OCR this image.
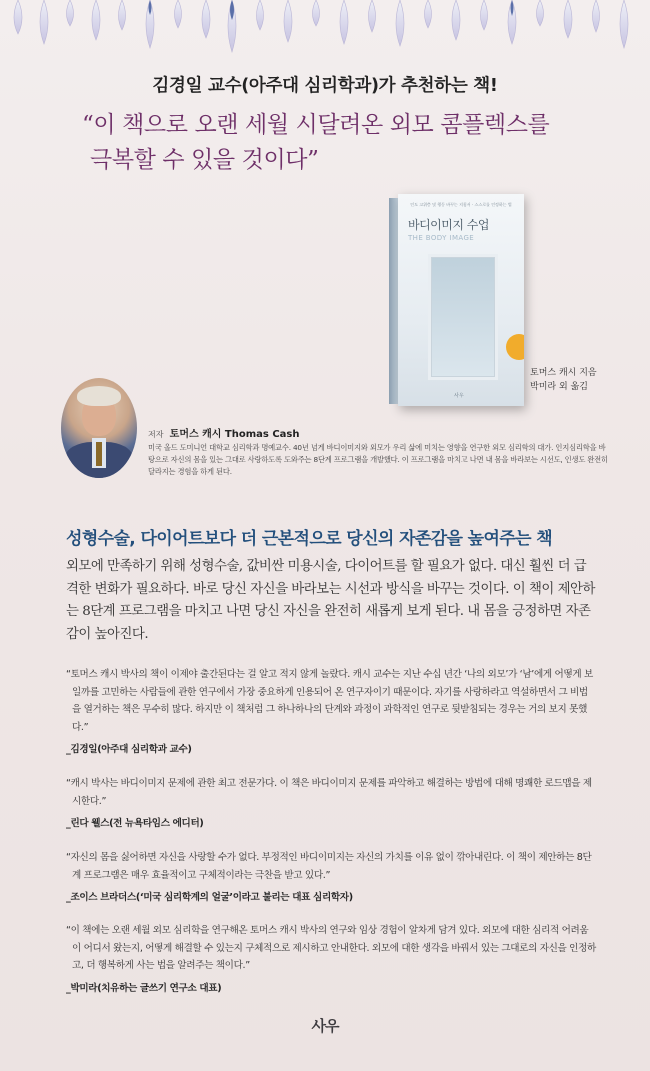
김경일 교수(아주대 심리학과)가 추천하는 책!
“이 책으로 오랜 세월 시달려온 외모 콤플렉스를
극복할 수 있을 것이다”
인도 고위층 및 행동 바꾸는 지침서 · 스스로를 인정하는 법
바디이미지 수업
THE BODY IMAGE
사우
토머스 캐시 지음
박미라 외 옮김
저자 토머스 캐시 Thomas Cash
미국 올드 도미니언 대학교 심리학과 명예교수. 40년 넘게 바디이미지와 외모가 우리 삶에 미치는 영향을 연구한 외모 심리학의 대가. 인지심리학을 바탕으로 자신의 몸을 있는 그대로 사랑하도록 도와주는 8단계 프로그램을 개발했다. 이 프로그램을 마치고 나면 내 몸을 바라보는 시선도, 인생도 완전히 달라지는 경험을 하게 된다.
성형수술, 다이어트보다 더 근본적으로 당신의 자존감을 높여주는 책
외모에 만족하기 위해 성형수술, 값비싼 미용시술, 다이어트를 할 필요가 없다. 대신 훨씬 더 급격한 변화가 필요하다. 바로 당신 자신을 바라보는 시선과 방식을 바꾸는 것이다. 이 책이 제안하는 8단계 프로그램을 마치고 나면 당신 자신을 완전히 새롭게 보게 된다. 내 몸을 긍정하면 자존감이 높아진다.
“토머스 캐시 박사의 책이 이제야 출간된다는 걸 알고 적지 않게 놀랐다. 캐시 교수는 지난 수십 년간 ‘나의 외모’가 ‘남’에게 어떻게 보일까를 고민하는 사람들에 관한 연구에서 가장 중요하게 인용되어 온 연구자이기 때문이다. 자기를 사랑하라고 역설하면서 그 비법을 열거하는 책은 무수히 많다. 하지만 이 책처럼 그 하나하나의 단계와 과정이 과학적인 연구로 뒷받침되는 경우는 거의 보지 못했다.”
_김경일(아주대 심리학과 교수)
“캐시 박사는 바디이미지 문제에 관한 최고 전문가다. 이 책은 바디이미지 문제를 파악하고 해결하는 방법에 대해 명쾌한 로드맵을 제시한다.”
_린다 웰스(전 뉴욕타임스 에디터)
“자신의 몸을 싫어하면 자신을 사랑할 수가 없다. 부정적인 바디이미지는 자신의 가치를 이유 없이 깎아내린다. 이 책이 제안하는 8단계 프로그램은 매우 효율적이고 구체적이라는 극찬을 받고 있다.”
_조이스 브라더스(‘미국 심리학계의 얼굴’이라고 불리는 대표 심리학자)
“이 책에는 오랜 세월 외모 심리학을 연구해온 토머스 캐시 박사의 연구와 임상 경험이 알차게 담겨 있다. 외모에 대한 심리적 어려움이 어디서 왔는지, 어떻게 해결할 수 있는지 구체적으로 제시하고 안내한다. 외모에 대한 생각을 바꿔서 있는 그대로의 자신을 인정하고, 더 행복하게 사는 법을 알려주는 책이다.”
_박미라(치유하는 글쓰기 연구소 대표)
사우
